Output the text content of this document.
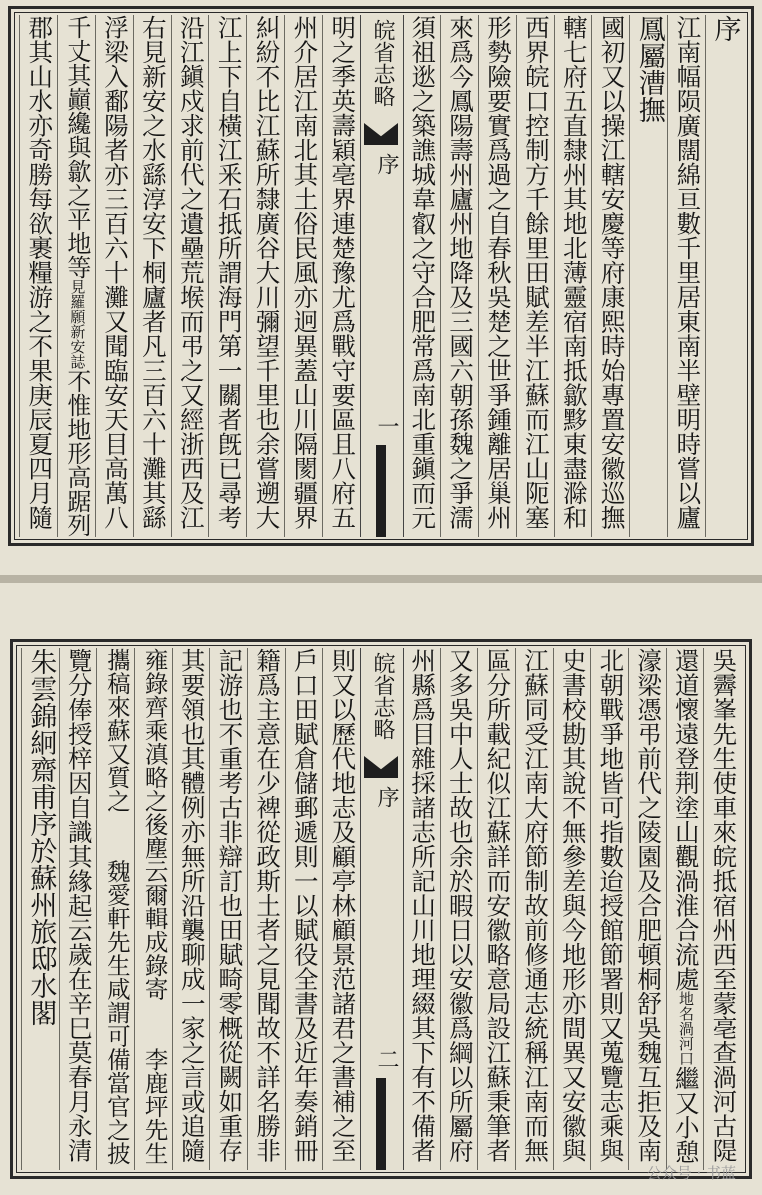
序
江南幅陨廣闊綿亘數千里居東南半壁明時嘗以廬
鳳屬漕撫
國初又以操江轄安慶等府康熙時始專置安徽巡撫
轄七府五直隸州其地北薄靈宿南抵歙黟東盡滁和
西界皖口控制方千餘里田賦差半江蘇而江山阨塞
形勢險要實爲過之自春秋吳楚之世爭鍾離居巢州
來爲今鳳陽壽州廬州地降及三國六朝孫魏之爭濡
須祖逖之築譙城韋叡之守合肥常爲南北重鎭而元
皖省志略
序
一
明之季英壽穎亳界連楚豫尤爲戰守要區且八府五
州介居江南北其土俗民風亦迥異蓋山川隔閡疆界
糾紛不比江蘇所隸廣谷大川彌望千里也余嘗遡大
江上下自橫江釆石抵所謂海門第一關者旣已尋考
沿江鎭戍求前代之遺壘荒堠而弔之又經浙西及江
右見新安之水繇淳安下桐廬者凡三百六十灘其繇
浮梁入鄱陽者亦三百六十灘又聞臨安天目高萬八
千丈其巓纔與歙之平地等
見羅願新安誌
不惟地形高踞列
郡其山水亦奇勝每欲裹糧游之不果庚辰夏四月隨
吳霽峯先生使車來皖抵宿州西至蒙亳查渦河古隄
還道懷遠登荆塗山觀渦淮合流處
地名渦河口
繼又小憩
濠梁憑弔前代之陵園及合肥頓桐舒吳魏互拒及南
北朝戰爭地皆可指數迨授館節署則又蒐覽志乘與
史書校勘其說不無參差與今地形亦間異又安徽與
江蘇同受江南大府節制故前修通志統稱江南而無
區分所載紀似江蘇詳而安徽略意局設江蘇秉筆者
又多吳中人士故也余於暇日以安徽爲綱以所屬府
州縣爲目雜採諸志所記山川地理綴其下有不備者
皖省志略
序
二
則又以歷代地志及顧亭林顧景范諸君之書補之至
戶口田賦倉儲郵遞則一以賦役全書及近年奏銷冊
籍爲主意在少裨從政斯土者之見聞故不詳名勝非
記游也不重考古非辯訂也田賦畸零概從闕如重存
其要領也其體例亦無所沿襲聊成一家之言或追隨
雍錄齊乘滇略之後塵云爾輯成錄寄　　李鹿坪先生
攜稿來蘇又質之　　魏愛軒先生咸謂可備當官之披
覽分俸授梓因自識其緣起云歲在辛巳莫春月永清
朱雲錦絅齋甫序於蘇州旅邸水閣
公众号 · 书蓝
